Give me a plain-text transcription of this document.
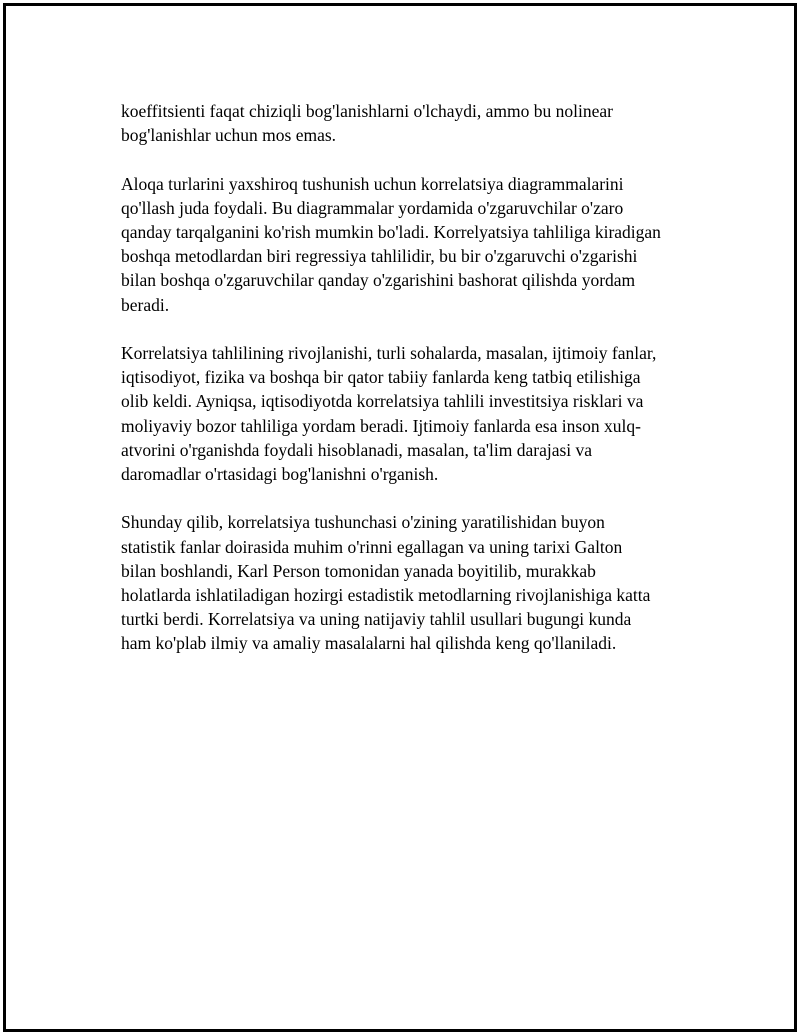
koeffitsienti faqat chiziqli bog'lanishlarni o'lchaydi, ammo bu nolinear
bog'lanishlar uchun mos emas.

Aloqa turlarini yaxshiroq tushunish uchun korrelatsiya diagrammalarini
qo'llash juda foydali. Bu diagrammalar yordamida o'zgaruvchilar o'zaro
qanday tarqalganini ko'rish mumkin bo'ladi. Korrelyatsiya tahliliga kiradigan
boshqa metodlardan biri regressiya tahlilidir, bu bir o'zgaruvchi o'zgarishi
bilan boshqa o'zgaruvchilar qanday o'zgarishini bashorat qilishda yordam
beradi.

Korrelatsiya tahlilining rivojlanishi, turli sohalarda, masalan, ijtimoiy fanlar,
iqtisodiyot, fizika va boshqa bir qator tabiiy fanlarda keng tatbiq etilishiga
olib keldi. Ayniqsa, iqtisodiyotda korrelatsiya tahlili investitsiya risklari va
moliyaviy bozor tahliliga yordam beradi. Ijtimoiy fanlarda esa inson xulq-
atvorini o'rganishda foydali hisoblanadi, masalan, ta'lim darajasi va
daromadlar o'rtasidagi bog'lanishni o'rganish.

Shunday qilib, korrelatsiya tushunchasi o'zining yaratilishidan buyon
statistik fanlar doirasida muhim o'rinni egallagan va uning tarixi Galton
bilan boshlandi, Karl Person tomonidan yanada boyitilib, murakkab
holatlarda ishlatiladigan hozirgi estadistik metodlarning rivojlanishiga katta
turtki berdi. Korrelatsiya va uning natijaviy tahlil usullari bugungi kunda
ham ko'plab ilmiy va amaliy masalalarni hal qilishda keng qo'llaniladi.
